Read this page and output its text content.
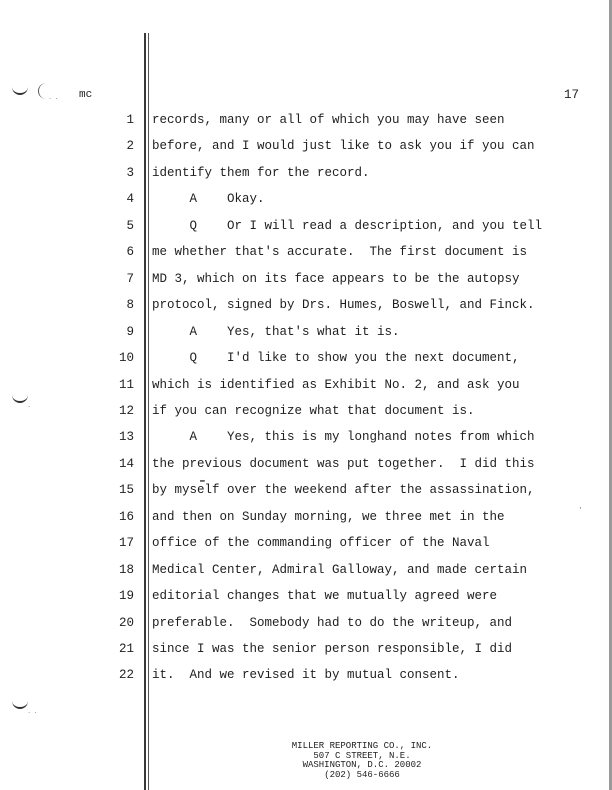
· ·
·
· ·
mc	17
1 records, many or all of which you may have seen
2 before, and I would just like to ask you if you can
3 identify them for the record.
4 A    Okay.
5 Q    Or I will read a description, and you tell
6 me whether that's accurate.  The first document is
7 MD 3, which on its face appears to be the autopsy
8 protocol, signed by Drs. Humes, Boswell, and Finck.
9 A    Yes, that's what it is.
10 Q    I'd like to show you the next document,
11 which is identified as Exhibit No. 2, and ask you
12 if you can recognize what that document is.
13 A    Yes, this is my longhand notes from which
14 the previous document was put together.  I did this
15 by myself over the weekend after the assassination,
16 and then on Sunday morning, we three met in the
17 office of the commanding officer of the Naval
18 Medical Center, Admiral Galloway, and made certain
19 editorial changes that we mutually agreed were
20 preferable.  Somebody had to do the writeup, and
21 since I was the senior person responsible, I did
22 it.  And we revised it by mutual consent.
▬
·
MILLER REPORTING CO., INC.
507 C STREET, N.E.
WASHINGTON, D.C. 20002
(202) 546-6666
